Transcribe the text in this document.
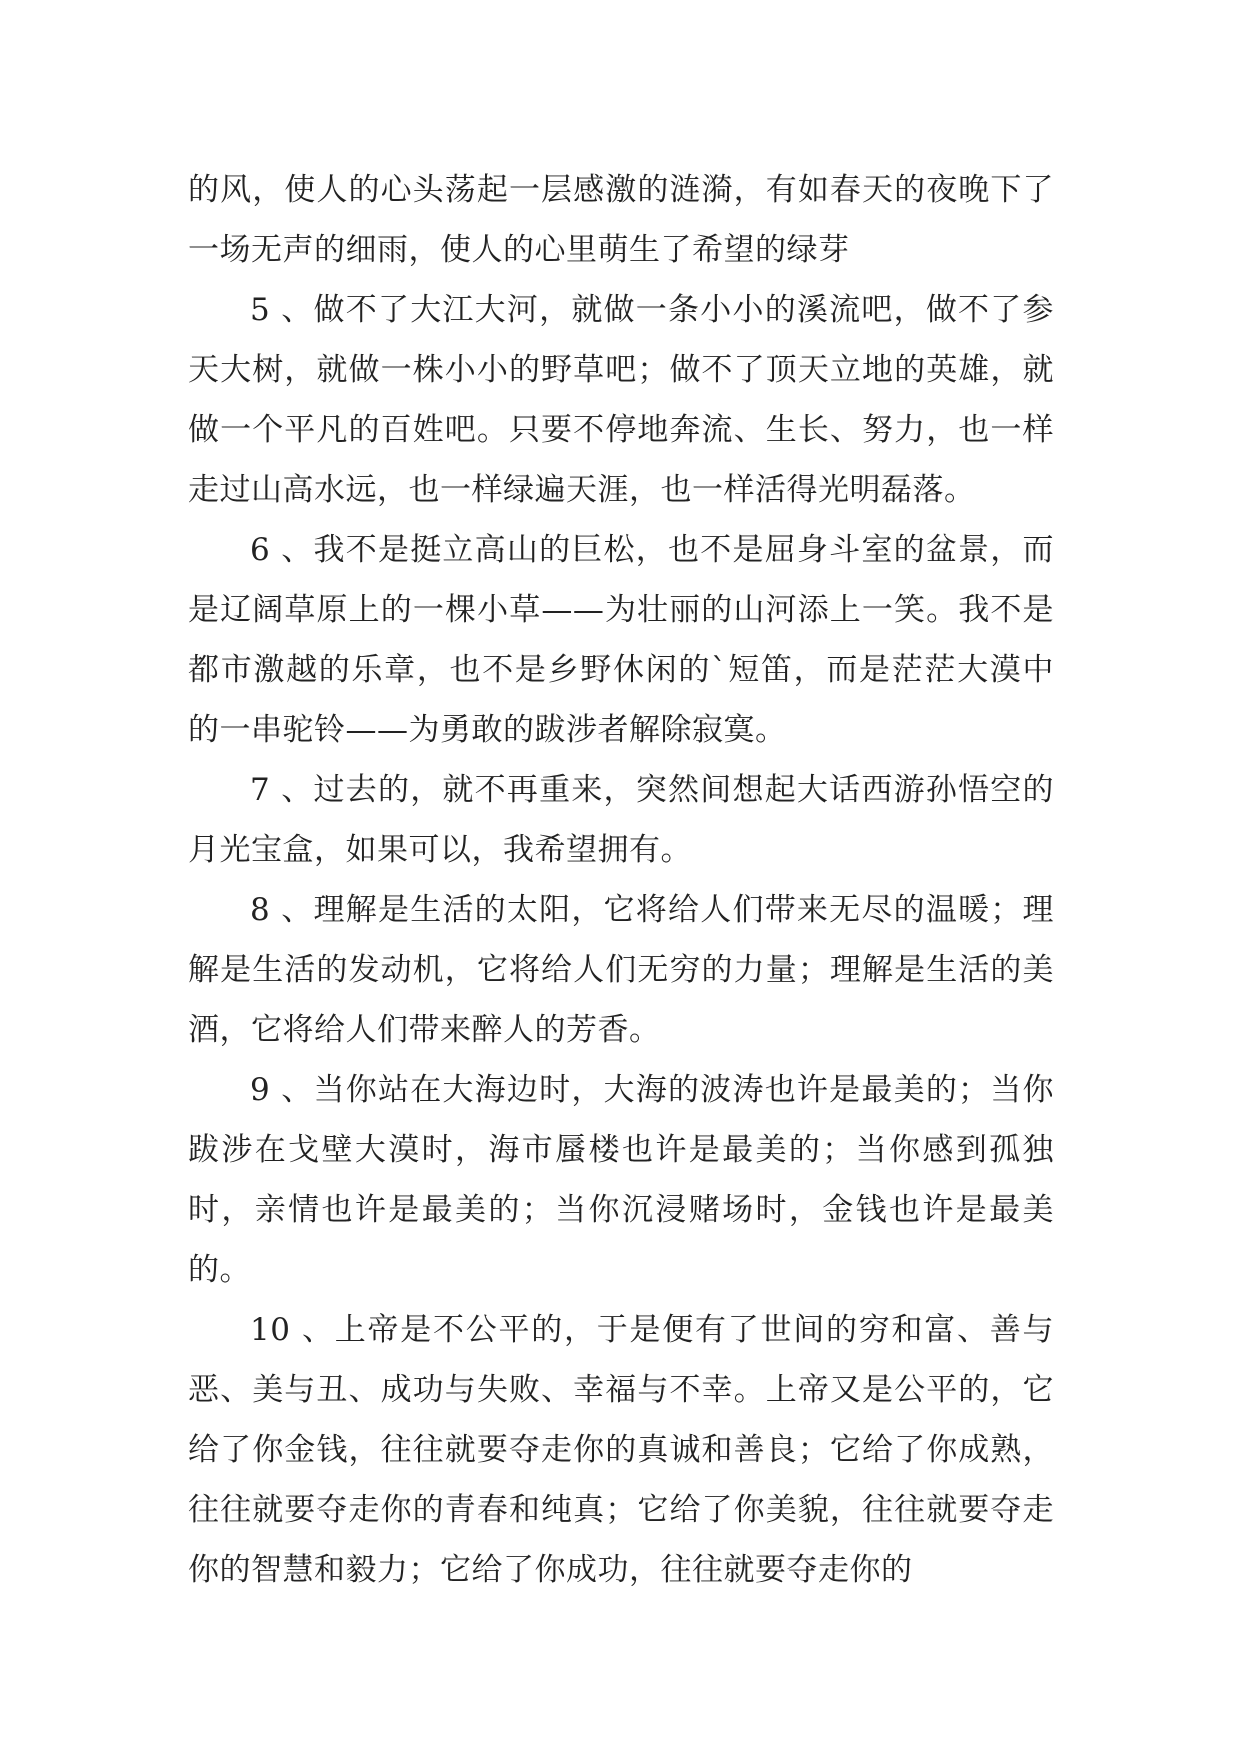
的风，使人的心头荡起一层感激的涟漪，有如春天的夜晚下了一场无声的细雨，使人的心里萌生了希望的绿芽

5 、做不了大江大河，就做一条小小的溪流吧，做不了参天大树，就做一株小小的野草吧；做不了顶天立地的英雄，就做一个平凡的百姓吧。只要不停地奔流、生长、努力，也一样走过山高水远，也一样绿遍天涯，也一样活得光明磊落。

6 、我不是挺立高山的巨松，也不是屈身斗室的盆景，而是辽阔草原上的一棵小草——为壮丽的山河添上一笑。我不是都市激越的乐章，也不是乡野休闲的`短笛，而是茫茫大漠中的一串驼铃——为勇敢的跋涉者解除寂寞。

7 、过去的，就不再重来，突然间想起大话西游孙悟空的月光宝盒，如果可以，我希望拥有。

8 、理解是生活的太阳，它将给人们带来无尽的温暖；理解是生活的发动机，它将给人们无穷的力量；理解是生活的美酒，它将给人们带来醉人的芳香。

9 、当你站在大海边时，大海的波涛也许是最美的；当你跋涉在戈壁大漠时，海市蜃楼也许是最美的；当你感到孤独时，亲情也许是最美的；当你沉浸赌场时，金钱也许是最美的。

10 、上帝是不公平的，于是便有了世间的穷和富、善与恶、美与丑、成功与失败、幸福与不幸。上帝又是公平的，它给了你金钱，往往就要夺走你的真诚和善良；它给了你成熟，往往就要夺走你的青春和纯真；它给了你美貌，往往就要夺走你的智慧和毅力；它给了你成功，往往就要夺走你的
